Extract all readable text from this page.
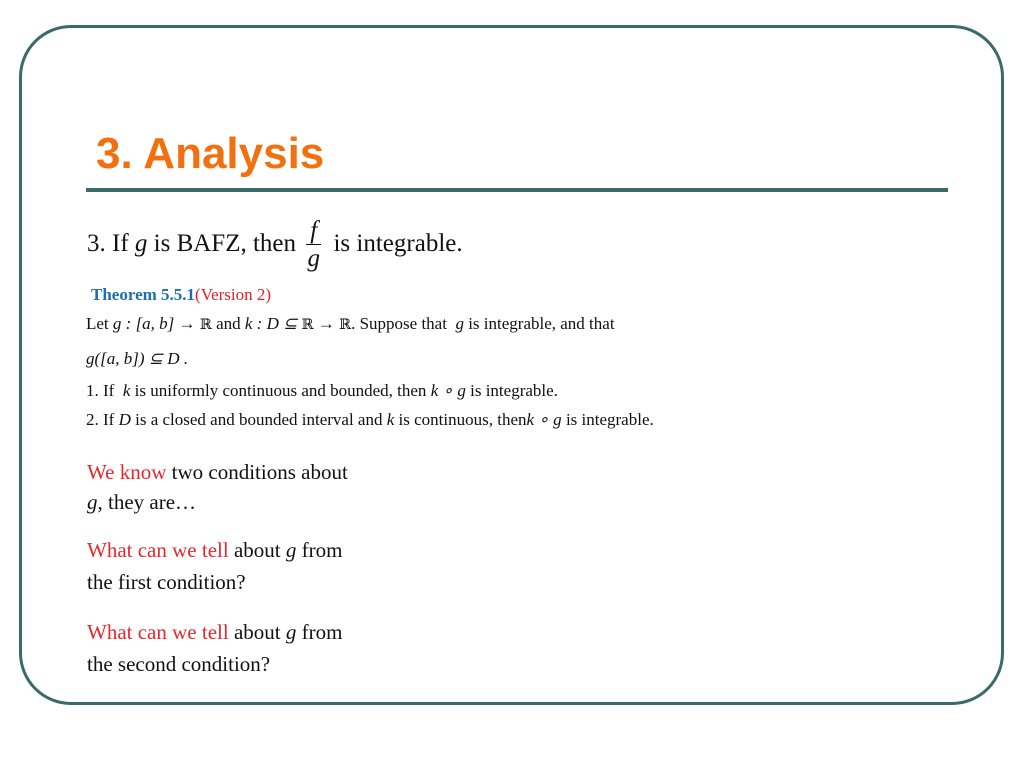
3. Analysis
3. If g is BAFZ, then $\frac{f}{g}$ is integrable.
Theorem 5.5.1(Version 2)
Let g : [a, b] → ℝ and k : D ⊆ ℝ → ℝ. Suppose that g is integrable, and that
g([a, b]) ⊆ D .
1. If k is uniformly continuous and bounded, then k ∘ g is integrable.
2. If D is a closed and bounded interval and k is continuous, thenk ∘ g is integrable.
We know two conditions about
g, they are…
What can we tell about g from
the first condition?
What can we tell about g from
the second condition?
